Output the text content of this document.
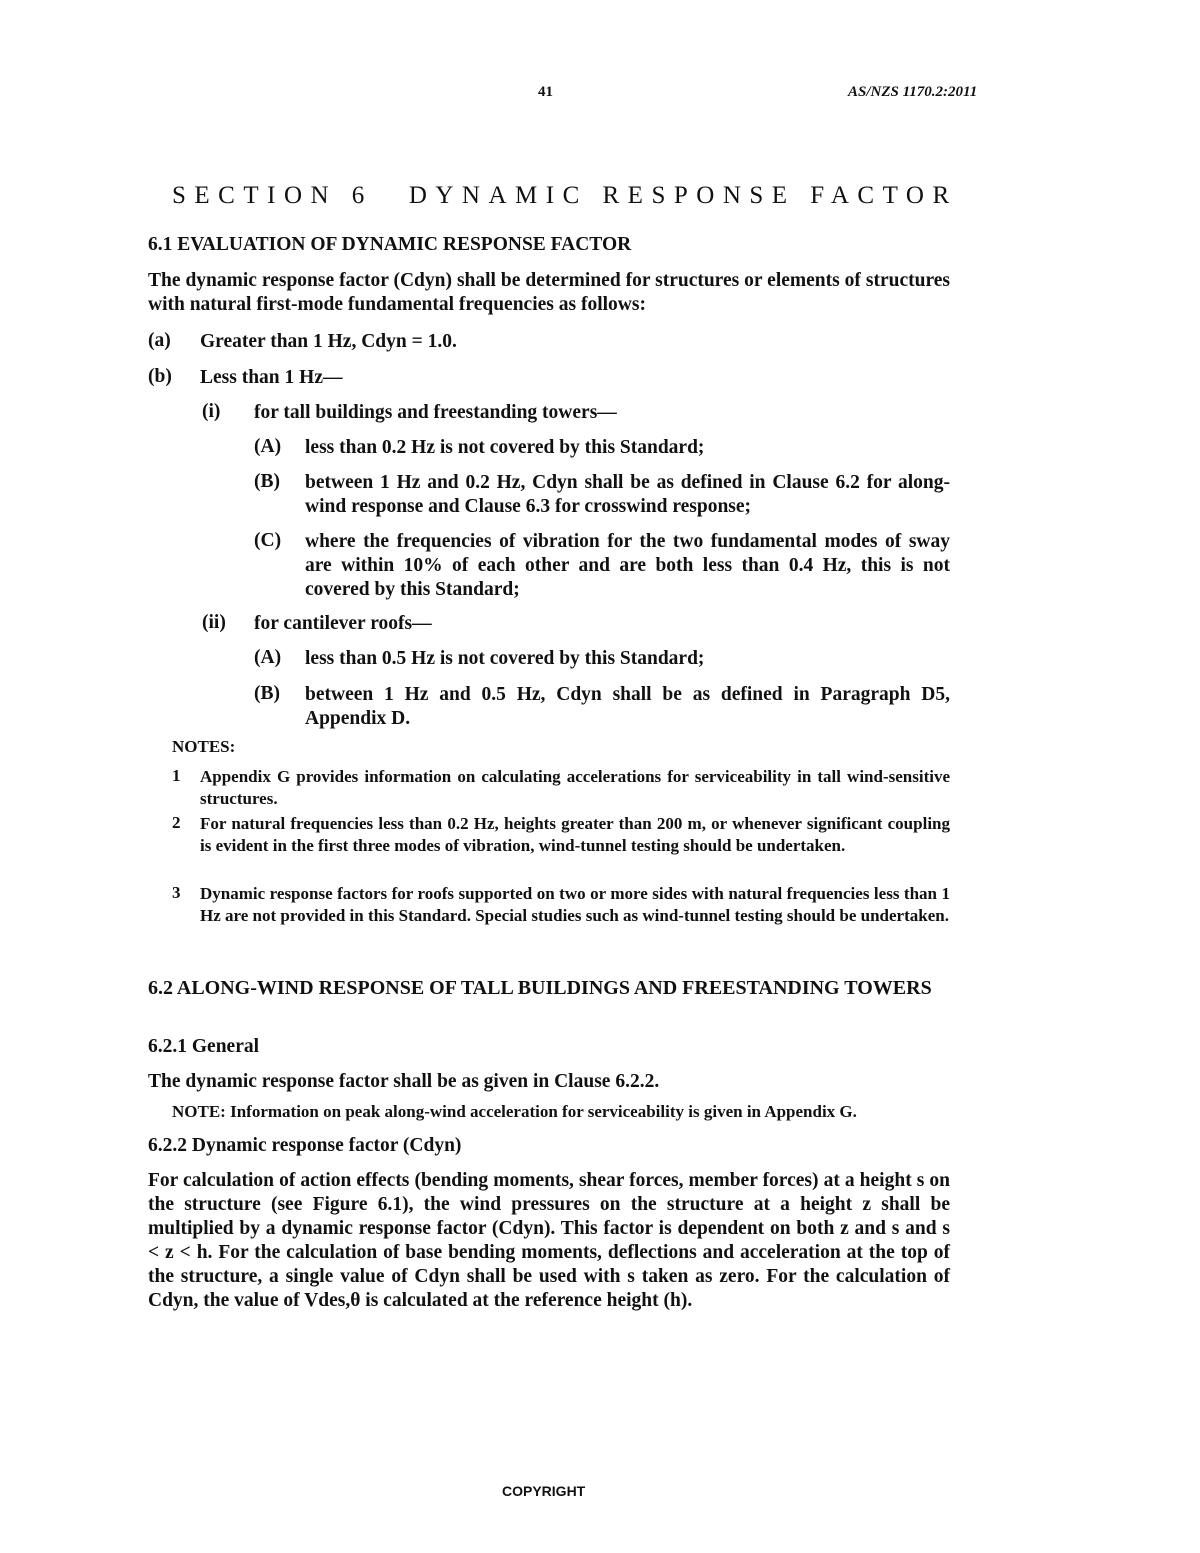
41	AS/NZS 1170.2:2011
SECTION 6 DYNAMIC RESPONSE FACTOR
6.1 EVALUATION OF DYNAMIC RESPONSE FACTOR
The dynamic response factor (Cdyn) shall be determined for structures or elements of structures with natural first-mode fundamental frequencies as follows:
(a) Greater than 1 Hz, Cdyn = 1.0.
(b) Less than 1 Hz—
(i) for tall buildings and freestanding towers—
(A) less than 0.2 Hz is not covered by this Standard;
(B) between 1 Hz and 0.2 Hz, Cdyn shall be as defined in Clause 6.2 for along-wind response and Clause 6.3 for crosswind response;
(C) where the frequencies of vibration for the two fundamental modes of sway are within 10% of each other and are both less than 0.4 Hz, this is not covered by this Standard;
(ii) for cantilever roofs—
(A) less than 0.5 Hz is not covered by this Standard;
(B) between 1 Hz and 0.5 Hz, Cdyn shall be as defined in Paragraph D5, Appendix D.
NOTES:
1 Appendix G provides information on calculating accelerations for serviceability in tall wind-sensitive structures.
2 For natural frequencies less than 0.2 Hz, heights greater than 200 m, or whenever significant coupling is evident in the first three modes of vibration, wind-tunnel testing should be undertaken.
3 Dynamic response factors for roofs supported on two or more sides with natural frequencies less than 1 Hz are not provided in this Standard. Special studies such as wind-tunnel testing should be undertaken.
6.2 ALONG-WIND RESPONSE OF TALL BUILDINGS AND FREESTANDING TOWERS
6.2.1 General
The dynamic response factor shall be as given in Clause 6.2.2.
NOTE: Information on peak along-wind acceleration for serviceability is given in Appendix G.
6.2.2 Dynamic response factor (Cdyn)
For calculation of action effects (bending moments, shear forces, member forces) at a height s on the structure (see Figure 6.1), the wind pressures on the structure at a height z shall be multiplied by a dynamic response factor (Cdyn). This factor is dependent on both z and s and s < z < h. For the calculation of base bending moments, deflections and acceleration at the top of the structure, a single value of Cdyn shall be used with s taken as zero. For the calculation of Cdyn, the value of Vdes,θ is calculated at the reference height (h).
COPYRIGHT
